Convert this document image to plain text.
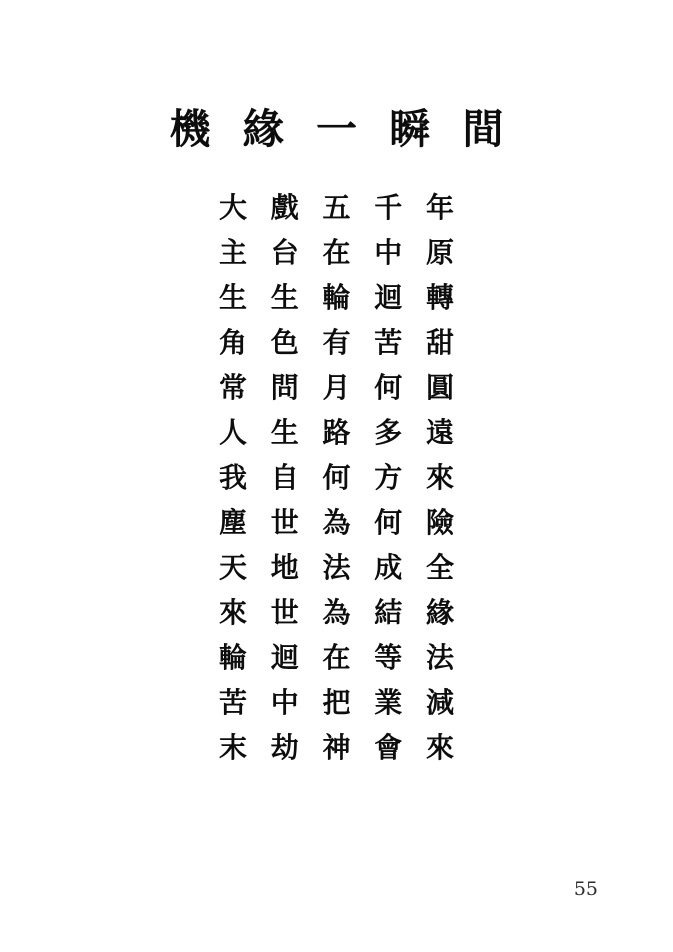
機 緣 一 瞬 間
大 戲 五 千 年
主 台 在 中 原
生 生 輪 迴 轉
角 色 有 苦 甜
常 問 月 何 圓
人 生 路 多 遠
我 自 何 方 來
塵 世 為 何 險
天 地 法 成 全
來 世 為 結 緣
輪 迴 在 等 法
苦 中 把 業 減
末 劫 神 會 來
55
